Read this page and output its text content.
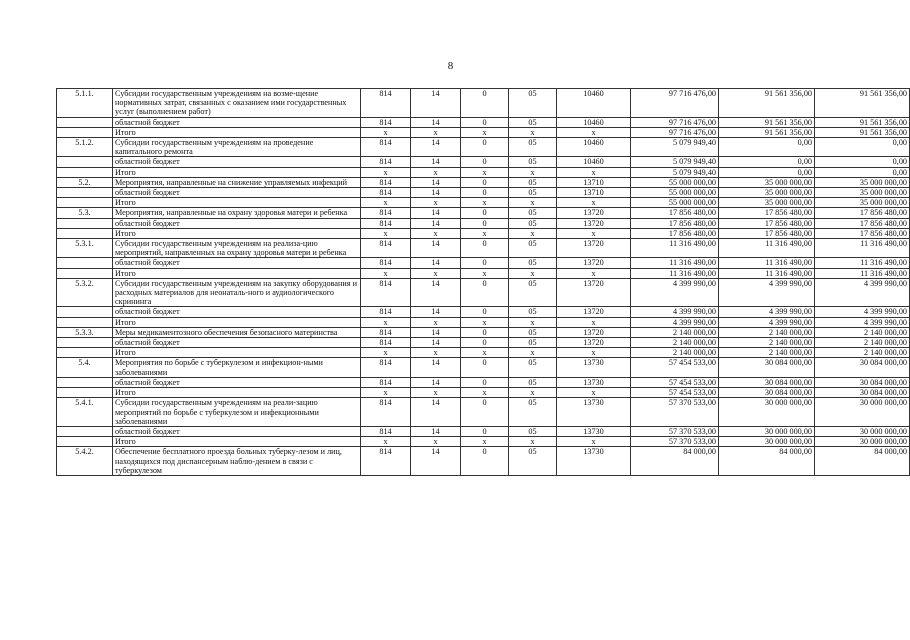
8
5.1.1.	Субсидии государственным учреждениям на возме-щение нормативных затрат, связанных с оказанием ими государственных услуг (выполнением работ)	814	14	0	05	10460	97 716 476,00	91 561 356,00	91 561 356,00
	областной бюджет	814	14	0	05	10460	97 716 476,00	91 561 356,00	91 561 356,00
	Итого	x	x	x	x	x	97 716 476,00	91 561 356,00	91 561 356,00
5.1.2.	Субсидии государственным учреждениям на проведение капитального ремонта	814	14	0	05	10460	5 079 949,40	0,00	0,00
	областной бюджет	814	14	0	05	10460	5 079 949,40	0,00	0,00
	Итого	x	x	x	x	x	5 079 949,40	0,00	0,00
5.2.	Мероприятия, направленные на снижение управляемых инфекций	814	14	0	05	13710	55 000 000,00	35 000 000,00	35 000 000,00
	областной бюджет	814	14	0	05	13710	55 000 000,00	35 000 000,00	35 000 000,00
	Итого	x	x	x	x	x	55 000 000,00	35 000 000,00	35 000 000,00
5.3.	Мероприятия, направленные на охрану здоровья матери и ребенка	814	14	0	05	13720	17 856 480,00	17 856 480,00	17 856 480,00
	областной бюджет	814	14	0	05	13720	17 856 480,00	17 856 480,00	17 856 480,00
	Итого	x	x	x	x	x	17 856 480,00	17 856 480,00	17 856 480,00
5.3.1.	Субсидии государственным учреждениям на реализа-цию мероприятий, направленных на охрану здоровья матери и ребенка	814	14	0	05	13720	11 316 490,00	11 316 490,00	11 316 490,00
	областной бюджет	814	14	0	05	13720	11 316 490,00	11 316 490,00	11 316 490,00
	Итого	x	x	x	x	x	11 316 490,00	11 316 490,00	11 316 490,00
5.3.2.	Субсидии государственным учреждениям на закупку оборудования и расходных материалов для неонаталь-ного и аудиологического скрининга	814	14	0	05	13720	4 399 990,00	4 399 990,00	4 399 990,00
	областной бюджет	814	14	0	05	13720	4 399 990,00	4 399 990,00	4 399 990,00
	Итого	x	x	x	x	x	4 399 990,00	4 399 990,00	4 399 990,00
5.3.3.	Меры медикаментозного обеспечения безопасного материнства	814	14	0	05	13720	2 140 000,00	2 140 000,00	2 140 000,00
	областной бюджет	814	14	0	05	13720	2 140 000,00	2 140 000,00	2 140 000,00
	Итого	x	x	x	x	x	2 140 000,00	2 140 000,00	2 140 000,00
5.4.	Мероприятия по борьбе с туберкулезом и инфекцион-ными заболеваниями	814	14	0	05	13730	57 454 533,00	30 084 000,00	30 084 000,00
	областной бюджет	814	14	0	05	13730	57 454 533,00	30 084 000,00	30 084 000,00
	Итого	x	x	x	x	x	57 454 533,00	30 084 000,00	30 084 000,00
5.4.1.	Субсидии государственным учреждениям на реали-зацию мероприятий по борьбе с туберкулезом и инфекционными заболеваниями	814	14	0	05	13730	57 370 533,00	30 000 000,00	30 000 000,00
	областной бюджет	814	14	0	05	13730	57 370 533,00	30 000 000,00	30 000 000,00
	Итого	x	x	x	x	x	57 370 533,00	30 000 000,00	30 000 000,00
5.4.2.	Обеспечение бесплатного проезда больных туберку-лезом и лиц, находящихся под диспансерным наблю-дением в связи с туберкулезом	814	14	0	05	13730	84 000,00	84 000,00	84 000,00
